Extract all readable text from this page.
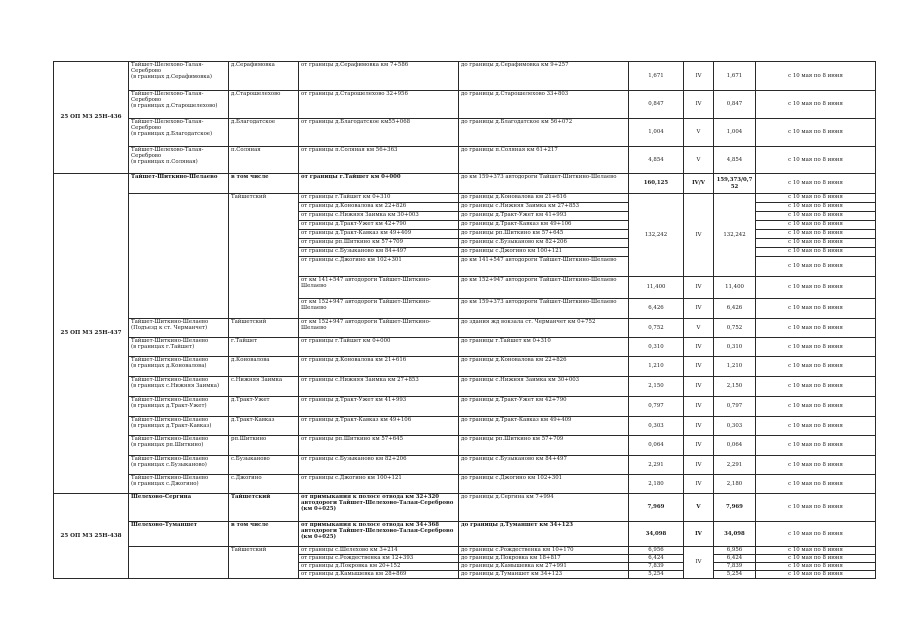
25 ОП МЗ 25Н-436	Тайшет-Шелехово-Талая-
Сереброво
(в границах д.Серафимовка)	д.Серафимовка	от границы д.Серафимовка км 7+586	до границы д.Серафимовка км 9+257	1,671	IV	1,671	с 10 мая по 8 июня

	Тайшет-Шелехово-Талая-
Сереброво
(в границах д.Старошелехово)	д.Старошелехово	от границы д.Старошелехово 32+956	до границы д.Старошелехово 33+803	0,847	IV	0,847	с 10 мая по 8 июня

	Тайшет-Шелехово-Талая-
Сереброво
(в границах д.Благодатское)	д.Благодатское	от границы д.Благодатское км55+068	до границы д.Благодатское км 56+072	1,004	V	1,004	с 10 мая по 8 июня

	Тайшет-Шелехово-Талая-
Сереброво
(в границах п.Соляная)	п.Соляная	от границы п.Соляная км 56+363	до границы п.Соляная км 61+217	4,854	V	4,854	с 10 мая по 8 июня
25 ОП МЗ 25Н-437	Тайшет-Шиткино-Шелаево	в том числе	от границы г.Тайшет км 0+000	до км 159+373 автодороги Тайшет-Шиткино-Шелаево	160,125	IV/V	159,373/0,752	с 10 мая по 8 июня
		Тайшетский	от границы г.Тайшет км 0+310	до границы д.Коновалова км 21+616	132,242	IV	132,242	с 10 мая по 8 июня
			от границы д.Коновалова км 22+826	до границы с.Нижняя Заимка км 27+853				с 10 мая по 8 июня
			от границы с.Нижняя Заимка км 30+003	до границы д.Тракт-Ужет км 41+993				с 10 мая по 8 июня
			от границы д.Тракт-Ужет км 42+790	до границы д.Тракт-Кавказ км 49+106				с 10 мая по 8 июня
			от границы д.Тракт-Кавказ км 49+409	до границы рп.Шиткино км 57+645				с 10 мая по 8 июня
			от границы рп.Шиткино км 57+709	до границы с.Бузыканово км 82+206				с 10 мая по 8 июня
			от границы с.Бузыканово км 84+497	до границы с.Джогино км 100+121				с 10 мая по 8 июня
			от границы с.Джогино км 102+301	до км 141+547 автодороги Тайшет-Шиткино-Шелаево				с 10 мая по 8 июня
			от км 141+547 автодороги Тайшет-Шиткино-Шелаево	до км 152+947 автодороги Тайшет-Шиткино-Шелаево	11,400	IV	11,400	с 10 мая по 8 июня
			от км 152+947 автодороги Тайшет-Шиткино-Шелаево	до км 159+373 автодороги Тайшет-Шиткино-Шелаево	6,426	IV	6,426	с 10 мая по 8 июня

	Тайшет-Шиткино-Шелаево
(Подъезд к ст. Черманчет)	Тайшетский	от км 152+947 автодороги Тайшет-Шиткино-Шелаево	до здания жд вокзала ст. Черманчет км 0+752	0,752	V	0,752	с 10 мая по 8 июня

	Тайшет-Шиткино-Шелаево
(в границах г.Тайшет)	г.Тайшет	от границы г.Тайшет км 0+000	до границы г.Тайшет км 0+310	0,310	IV	0,310	с 10 мая по 8 июня

	Тайшет-Шиткино-Шелаево
(в границах д.Коновалова)	д.Коновалова	от границы д.Коновалова км 21+616	до границы д.Коновалова км 22+826	1,210	IV	1,210	с 10 мая по 8 июня

	Тайшет-Шиткино-Шелаево
(в границах с.Нижняя Заимка)	с.Нижняя Заимка	от границы с.Нижняя Заимка км 27+853	до границы с.Нижняя Заимка км 30+003	2,150	IV	2,150	с 10 мая по 8 июня

	Тайшет-Шиткино-Шелаево
(в границах д.Тракт-Ужет)	д.Тракт-Ужет	от границы д.Тракт-Ужет км 41+993	до границы д.Тракт-Ужет км 42+790	0,797	IV	0,797	с 10 мая по 8 июня

	Тайшет-Шиткино-Шелаево
(в границах д.Тракт-Кавказ)	д.Тракт-Кавказ	от границы д.Тракт-Кавказ км 49+106	до границы д.Тракт-Кавказ км 49+409	0,303	IV	0,303	с 10 мая по 8 июня

	Тайшет-Шиткино-Шелаево
(в границах рп.Шиткино)	рп.Шиткино	от границы рп.Шиткино км 57+645	до границы рп.Шиткино км 57+709	0,064	IV	0,064	с 10 мая по 8 июня

	Тайшет-Шиткино-Шелаево
(в границах с.Бузыканово)	с.Бузыканово	от границы с.Бузыканово км 82+206	до границы с.Бузыканово км 84+497	2,291	IV	2,291	с 10 мая по 8 июня

	Тайшет-Шиткино-Шелаево
(в границах с.Джогино)	с.Джогино	от границы с.Джогино км 100+121	до границы с.Джогино км 102+301	2,180	IV	2,180	с 10 мая по 8 июня
25 ОП МЗ 25Н-438	Шелехово-Сергина	Тайшетский	от примыкания к полосе отвода км 32+320 автодороги Тайшет-Шелехово-Талая-Сереброво (км 0+025)	до границы д.Сергина км 7+994	7,969	V	7,969	с 10 мая по 8 июня

	Шелехово-Туманшет	в том числе	от примыкания к полосе отвода км 34+368 автодороги Тайшет-Шелехово-Талая-Сереброво (км 0+025)	до границы д.Туманшет км 34+123	34,098	IV	34,098	с 10 мая по 8 июня
		Тайшетский	от границы с.Шелехово км 3+214	до границы с.Рождественка км 10+170	6,956	IV	6,956	с 10 мая по 8 июня
			от границы с.Рождественка км 12+393	до границы д.Покровка км 18+817	6,424		6,424	с 10 мая по 8 июня
			от границы д.Покровка км 20+152	до границы д.Камышевка км 27+991	7,839		7,839	с 10 мая по 8 июня
			от границы д.Камышевка км 28+869	до границы д.Туманшет км 34+123	5,254		5,254	с 10 мая по 8 июня
